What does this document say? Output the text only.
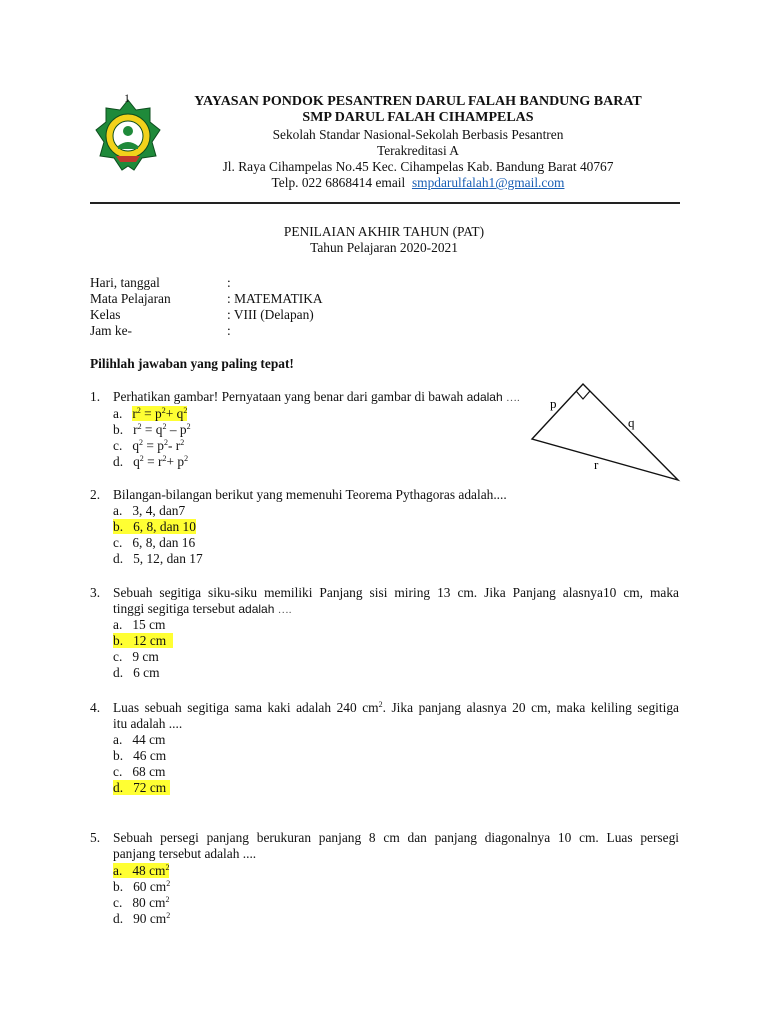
1	YAYASAN PONDOK PESANTREN DARUL FALAH BANDUNG BARAT
SMP DARUL FALAH CIHAMPELAS
Sekolah Standar Nasional-Sekolah Berbasis Pesantren
Terakreditasi A
Jl. Raya Cihampelas No.45 Kec. Cihampelas Kab. Bandung Barat 40767
Telp. 022 6868414 email smpdarulfalah1@gmail.com
PENILAIAN AKHIR TAHUN (PAT)
Tahun Pelajaran 2020-2021
Hari, tanggal	:
Mata Pelajaran	: MATEMATIKA
Kelas	: VIII (Delapan)
Jam ke-	:
Pilihlah jawaban yang paling tepat!
1. Perhatikan gambar! Pernyataan yang benar dari gambar di bawah adalah ….
a. $r^2 = p^2+ q^2$
b. $r^2 = q^2 - p^2$
c. $q^2 = p^2-$ $r^2$
d. $q^2 = r^2+ p^2$
p
q
r
2. Bilangan-bilangan berikut yang memenuhi Teorema Pythagoras adalah....
a. 3, 4, dan7
b. 6, 8, dan 10
c. 6, 8, dan 16
d. 5, 12, dan 17
3. Sebuah segitiga siku-siku memiliki Panjang sisi miring 13 cm. Jika Panjang alasnya10 cm, maka
tinggi segitiga tersebut adalah ….
a. 15 cm
b. 12 cm
c. 9 cm
d. 6 cm
4. Luas sebuah segitiga sama kaki adalah 240 $cm^2$. Jika panjang alasnya 20 cm, maka keliling segitiga
itu adalah ....
a. 44 cm
b. 46 cm
c. 68 cm
d. 72 cm
5. Sebuah persegi panjang berukuran panjang 8 cm dan panjang diagonalnya 10 cm. Luas persegi
panjang tersebut adalah ....
a. 48 $cm^2$
b. 60 $cm^2$
c. 80 $cm^2$
d. 90 $cm^2$
